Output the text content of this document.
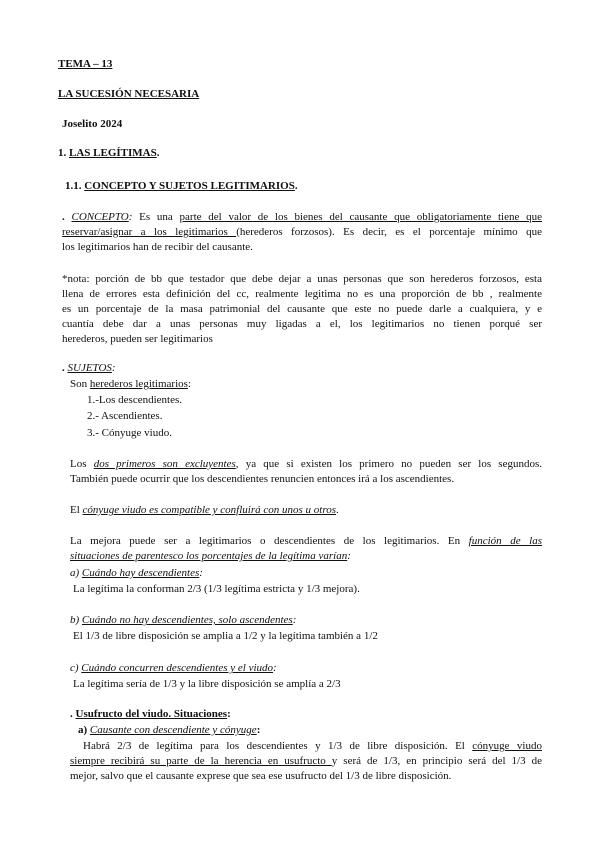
TEMA – 13
LA SUCESIÓN NECESARIA
Joselito 2024
1. LAS LEGÍTIMAS.
1.1. CONCEPTO Y SUJETOS LEGITIMARIOS.
. CONCEPTO: Es una parte del valor de los bienes del causante que obligatoriamente tiene que
reservar/asignar a los legitimarios (herederos forzosos). Es decir, es el porcentaje mínimo que
los legitimarios han de recibir del causante.
*nota: porción de bb que testador que debe dejar a unas personas que son herederos forzosos, esta
llena de errores esta definición del cc, realmente legitima no es una proporción de bb , realmente
es un porcentaje de la masa patrimonial del causante que este no puede darle a cualquiera, y e
cuantía debe dar a unas personas muy ligadas a el, los legitimarios no tienen porqué ser
herederos, pueden ser legitimarios
. SUJETOS:
Son herederos legitimarios:
1.-Los descendientes.
2.- Ascendientes.
3.- Cónyuge viudo.
Los dos primeros son excluyentes, ya que si existen los primero no pueden ser los segundos.
También puede ocurrir que los descendientes renuncien entonces irá a los ascendientes.
El cónyuge viudo es compatible y confluirá con unos u otros.
La mejora puede ser a legitimarios o descendientes de los legitimarios. En función de las
situaciones de parentesco los porcentajes de la legítima varían:
a) Cuándo hay descendientes:
La legítima la conforman 2/3 (1/3 legítima estricta y 1/3 mejora).
b) Cuándo no hay descendientes, solo ascendentes:
El 1/3 de libre disposición se amplia a 1/2 y la legítima también a 1/2
c) Cuándo concurren descendientes y el viudo:
La legítima sería de 1/3 y la libre disposición se amplía a 2/3
. Usufructo del viudo. Situaciones:
a) Causante con descendiente y cónyuge:
Habrá 2/3 de legítima para los descendientes y 1/3 de libre disposición. El cónyuge viudo
siempre recibirá su parte de la herencia en usufructo y será de 1/3, en principio será del 1/3 de
mejor, salvo que el causante exprese que sea ese usufructo del 1/3 de libre disposición.
